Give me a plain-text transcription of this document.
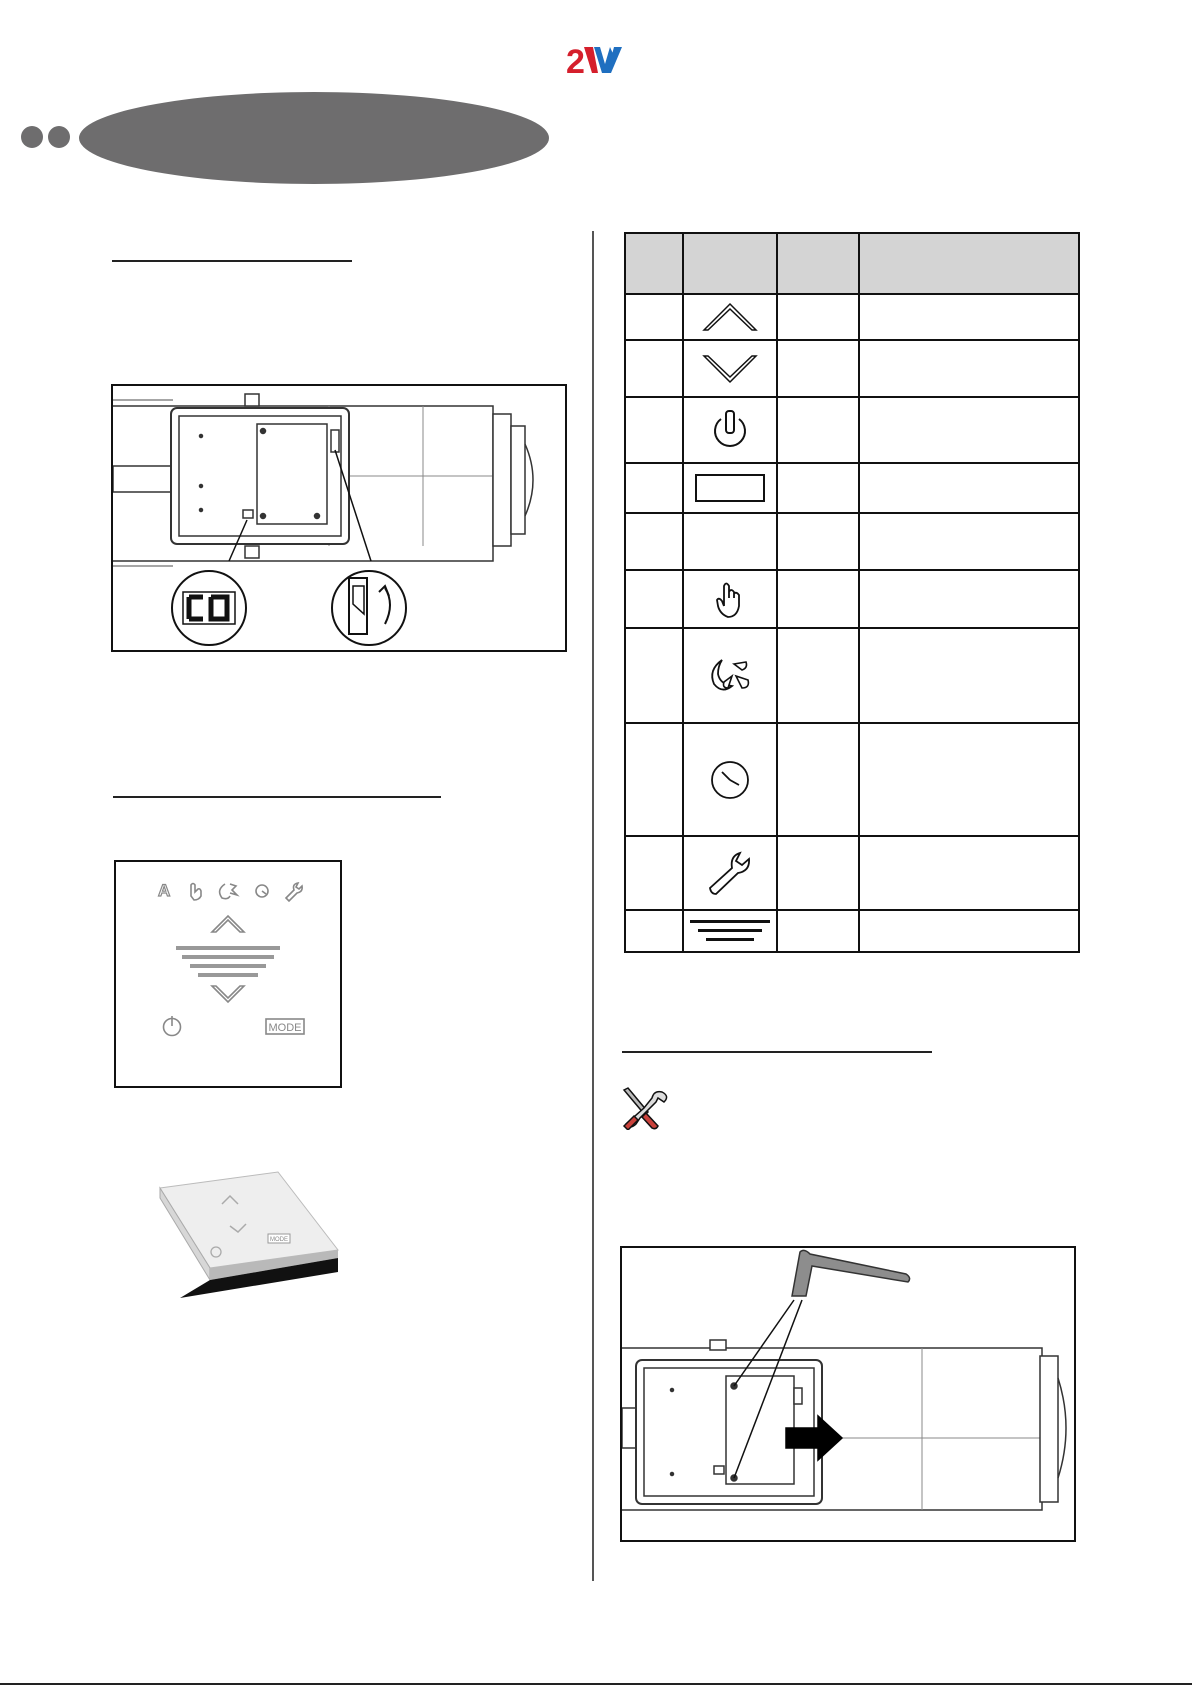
2
A
MODE
MODE
